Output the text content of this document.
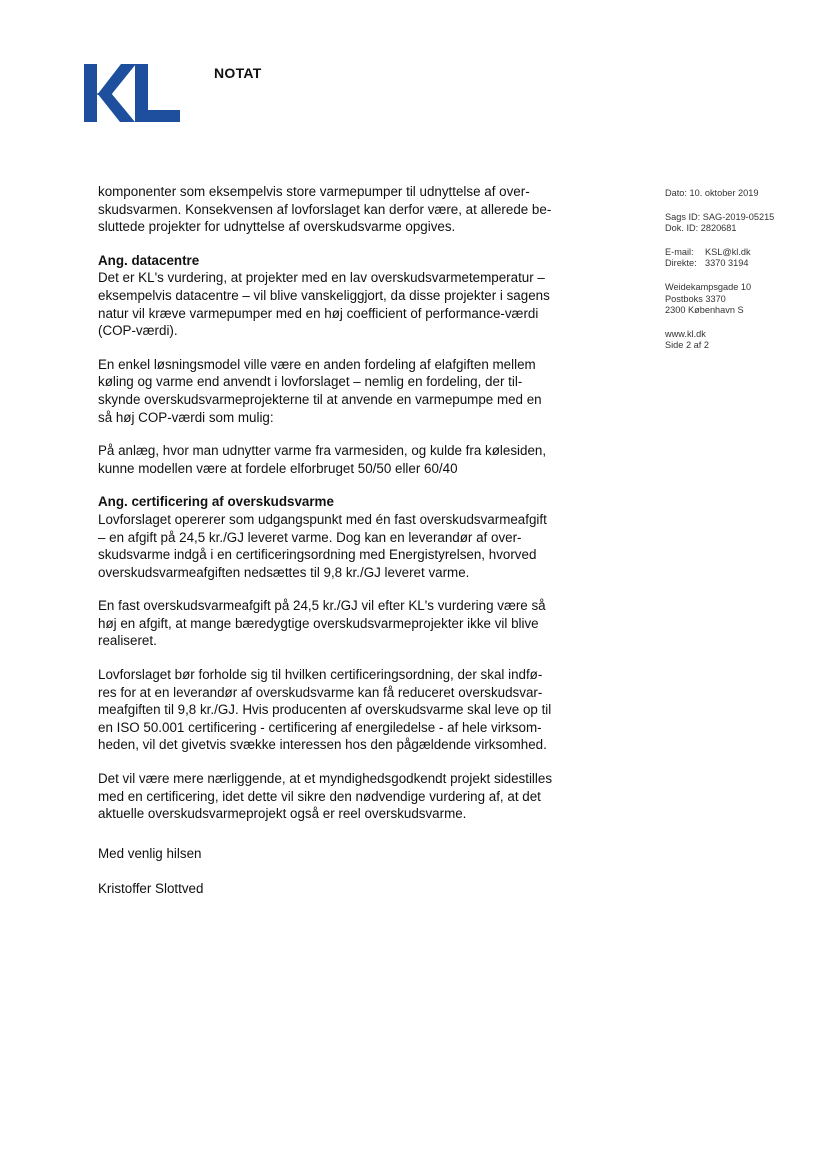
NOTAT
Dato: 10. oktober 2019
Sags ID: SAG-2019-05215
Dok. ID: 2820681
E-mail: KSL@kl.dk
Direkte: 3370 3194
Weidekampsgade 10
Postboks 3370
2300 København S
www.kl.dk
Side 2 af 2

komponenter som eksempelvis store varmepumper til udnyttelse af over-
skudsvarmen. Konsekvensen af lovforslaget kan derfor være, at allerede be-
sluttede projekter for udnyttelse af overskudsvarme opgives.

Ang. datacentre

Det er KL's vurdering, at projekter med en lav overskudsvarmetemperatur –
eksempelvis datacentre – vil blive vanskeliggjort, da disse projekter i sagens
natur vil kræve varmepumper med en høj coefficient of performance-værdi
(COP-værdi).

En enkel løsningsmodel ville være en anden fordeling af elafgiften mellem
køling og varme end anvendt i lovforslaget – nemlig en fordeling, der til-
skynde overskudsvarmeprojekterne til at anvende en varmepumpe med en
så høj COP-værdi som mulig:

På anlæg, hvor man udnytter varme fra varmesiden, og kulde fra kølesiden,
kunne modellen være at fordele elforbruget 50/50 eller 60/40

Ang. certificering af overskudsvarme

Lovforslaget opererer som udgangspunkt med én fast overskudsvarmeafgift
– en afgift på 24,5 kr./GJ leveret varme. Dog kan en leverandør af over-
skudsvarme indgå i en certificeringsordning med Energistyrelsen, hvorved
overskudsvarmeafgiften nedsættes til 9,8 kr./GJ leveret varme.

En fast overskudsvarmeafgift på 24,5 kr./GJ vil efter KL's vurdering være så
høj en afgift, at mange bæredygtige overskudsvarmeprojekter ikke vil blive
realiseret.

Lovforslaget bør forholde sig til hvilken certificeringsordning, der skal indfø-
res for at en leverandør af overskudsvarme kan få reduceret overskudsvar-
meafgiften til 9,8 kr./GJ. Hvis producenten af overskudsvarme skal leve op til
en ISO 50.001 certificering - certificering af energiledelse - af hele virksom-
heden, vil det givetvis svække interessen hos den pågældende virksomhed.

Det vil være mere nærliggende, at et myndighedsgodkendt projekt sidestilles
med en certificering, idet dette vil sikre den nødvendige vurdering af, at det
aktuelle overskudsvarmeprojekt også er reel overskudsvarme.

Med venlig hilsen

Kristoffer Slottved
